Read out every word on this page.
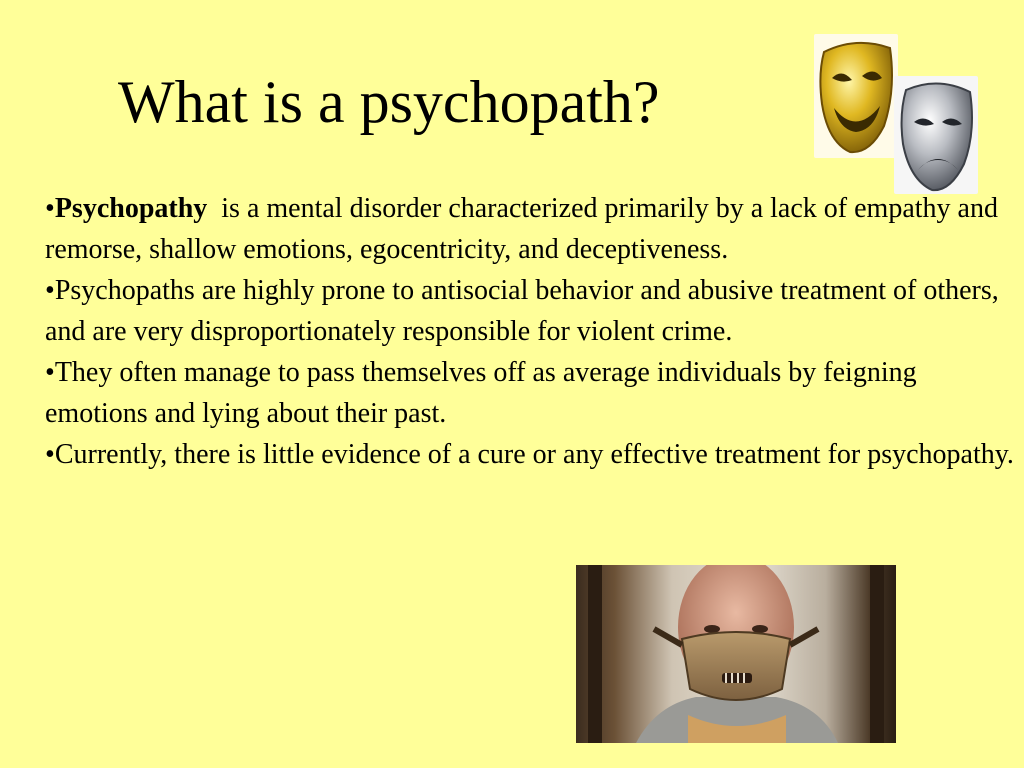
What is a psychopath?
•Psychopathy  is a mental disorder characterized primarily by a lack of empathy and remorse, shallow emotions, egocentricity, and deceptiveness.
•Psychopaths are highly prone to antisocial behavior and abusive treatment of others, and are very disproportionately responsible for violent crime.
•They often manage to pass themselves off as average individuals by feigning emotions and lying about their past.
•Currently, there is little evidence of a cure or any effective treatment for psychopathy.
